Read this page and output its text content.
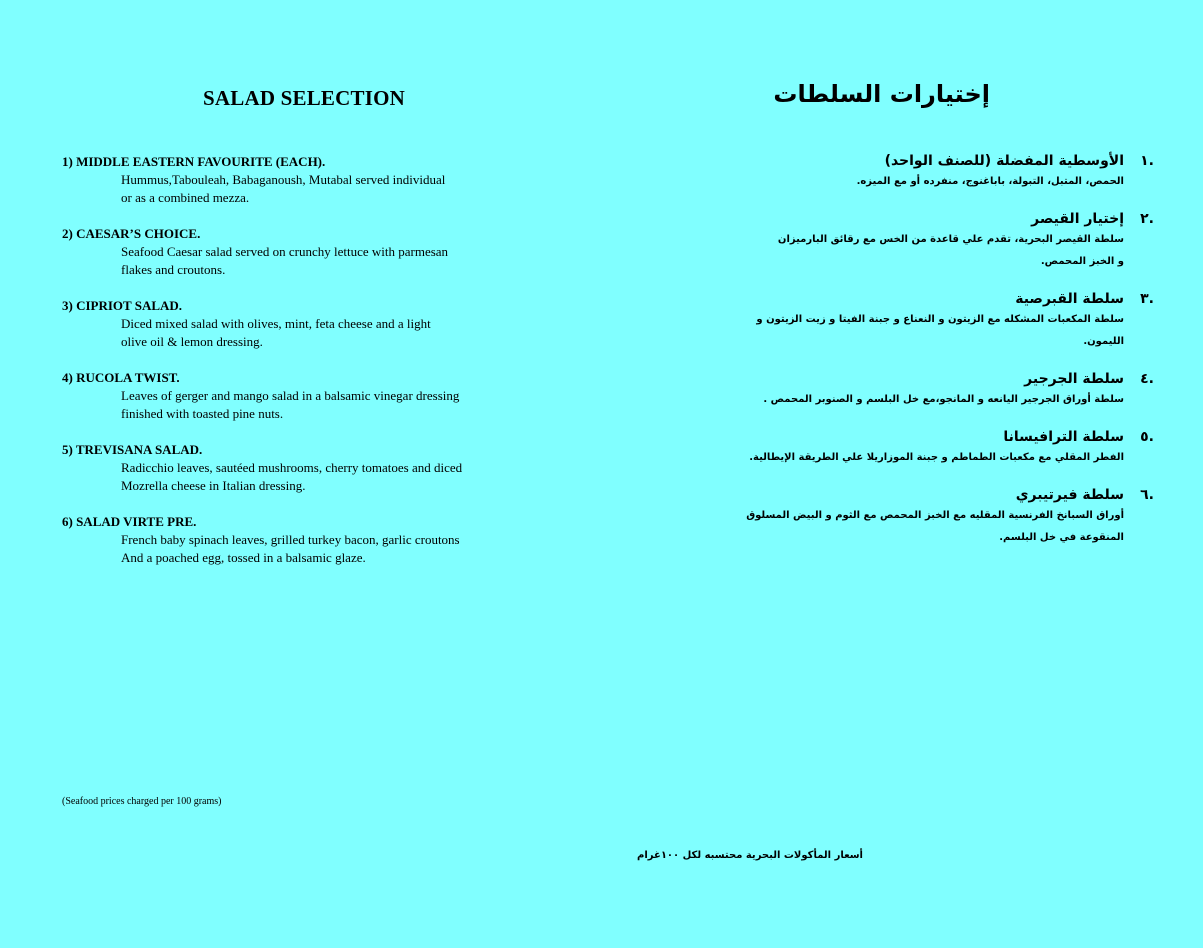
SALAD SELECTION
1) MIDDLE EASTERN FAVOURITE (EACH).
Hummus,Tabouleah, Babaganoush, Mutabal served individual
or as a combined mezza.
2) CAESAR’S CHOICE.
Seafood Caesar salad served on crunchy lettuce with parmesan
flakes and croutons.
3) CIPRIOT SALAD.
Diced mixed salad with olives, mint, feta cheese and a light
olive oil & lemon dressing.
4) RUCOLA TWIST.
Leaves of gerger and mango salad in a balsamic vinegar dressing
finished with toasted pine nuts.
5) TREVISANA SALAD.
Radicchio leaves, sautéed mushrooms, cherry tomatoes and diced
Mozrella cheese in Italian dressing.
6) SALAD VIRTE PRE.
French baby spinach leaves, grilled turkey bacon, garlic croutons
And a poached egg, tossed in a balsamic glaze.
(Seafood prices charged per 100 grams)
إختيارات السلطات
.١
الأوسطية المفضلة (للصنف الواحد)
الحمص، المتبل، التبولة، باباغنوج، منفرده أو مع الميزه.
.٢
إختيار القيصر
سلطة القيصر البحرية، تقدم علي قاعدة من الخس مع رقائق البارميزان
و الخبز المحمص.
.٣
سلطة القبرصية
سلطة المكعبات المشكله مع الزيتون و النعناع و جبنة الفيتا و زيت الزيتون و الليمون.
.٤
سلطة الجرجير
سلطة أوراق الجرجير اليانعه و المانجو،مع خل البلسم و الصنوبر المحمص .
.٥
سلطة الترافيسانا
الفطر المقلي مع مكعبات الطماطم و جبنة الموزاريلا علي الطريقة الإيطالية.
.٦
سلطة فيرتيبري
أوراق السبانخ الفرنسية المقليه مع الخبز المحمص مع الثوم و البيض المسلوق
المنقوعة في خل البلسم.
أسعار المأكولات البحرية محتسبه لكل ١٠٠غرام
